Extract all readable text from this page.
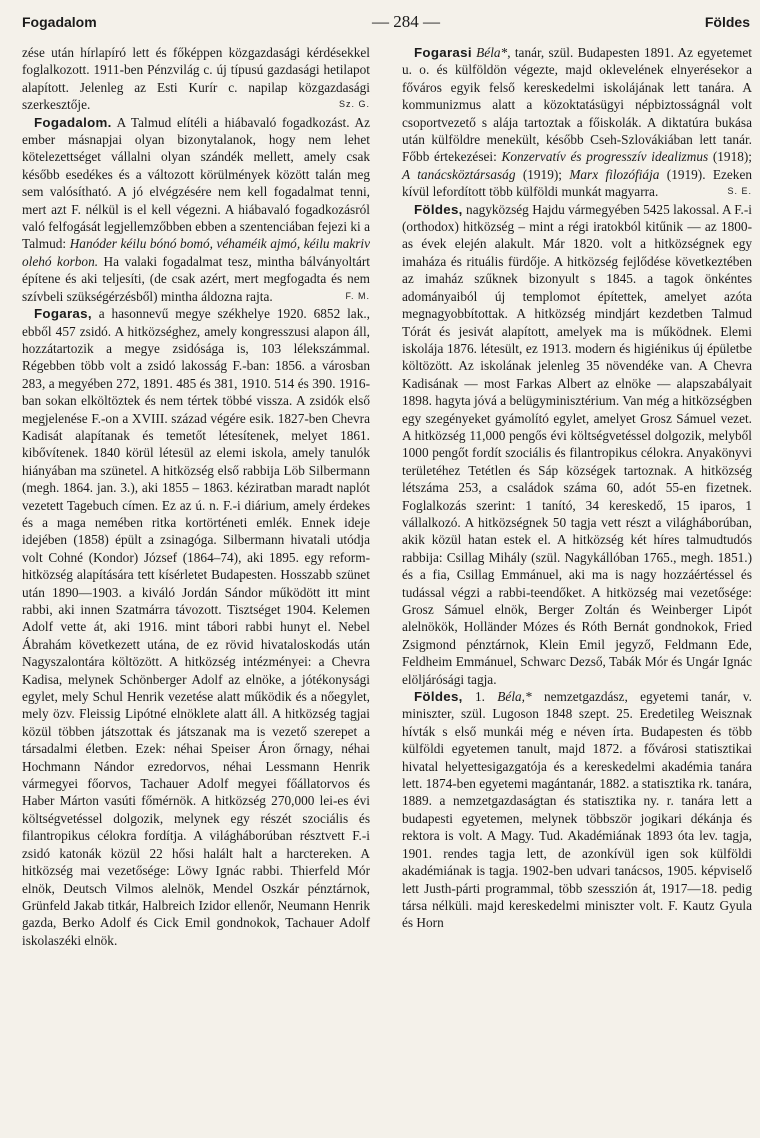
Fogadalom	— 284 —	Földes

zése után hírlapíró lett és főképpen közgazdasági kérdésekkel foglalkozott. 1911-ben Pénzvilág c. új típusú gazdasági hetilapot alapított. Jelenleg az Esti Kurír c. napilap közgazdasági szerkesztője.	Sz. G.

Fogadalom. A Talmud elítéli a hiábavaló fogadkozást. Az ember másnapjai olyan bizonytalanok, hogy nem lehet kötelezettséget vállalni olyan szándék mellett, amely csak később esedékes és a változott körülmények között talán meg sem valósítható. A jó elvégzésére nem kell fogadalmat tenni, mert azt F. nélkül is el kell végezni. A hiábavaló fogadkozásról való felfogását legjellemzőbben ebben a szentenciában fejezi ki a Talmud: Hanóder kéilu bónó bomó, véhaméik ajmó, kéilu makriv olehó korbon. Ha valaki fogadalmat tesz, mintha bálványoltárt építene és aki teljesíti, (de csak azért, mert megfogadta és nem szívbeli szükségérzésből) mintha áldozna rajta.	F. M.

Fogaras, a hasonnevű megye székhelye 1920. 6852 lak., ebből 457 zsidó. A hitközséghez, amely kongresszusi alapon áll, hozzátartozik a megye zsidósága is, 103 lélekszámmal. Régebben több volt a zsidó lakosság F.-ban: 1856. a városban 283, a megyében 272, 1891. 485 és 381, 1910. 514 és 390. 1916-ban sokan elköltöztek és nem tértek többé vissza. A zsidók első megjelenése F.-on a XVIII. század végére esik. 1827-ben Chevra Kadisát alapítanak és temetőt létesítenek, melyet 1861. kibővítenek. 1840 körül létesül az elemi iskola, amely tanulók hiányában ma szünetel. A hitközség első rabbija Löb Silbermann (megh. 1864. jan. 3.), aki 1855 – 1863. kéziratban maradt naplót vezetett Tagebuch címen. Ez az ú. n. F.-i diárium, amely érdekes és a maga nemében ritka kortörténeti emlék. Ennek ideje idejében (1858) épült a zsinagóga. Silbermann hivatali utódja volt Cohné (Kondor) József (1864–74), aki 1895. egy reform-hitközség alapítására tett kísérletet Budapesten. Hosszabb szünet után 1890—1903. a kiváló Jordán Sándor működött itt mint rabbi, aki innen Szatmárra távozott. Tisztséget 1904. Kelemen Adolf vette át, aki 1916. mint tábori rabbi hunyt el. Nebel Ábrahám következett utána, de ez rövid hivataloskodás után Nagyszalontára költözött. A hitközség intézményei: a Chevra Kadisa, melynek Schönberger Adolf az elnöke, a jótékonysági egylet, mely Schul Henrik vezetése alatt működik és a nőegylet, mely özv. Fleissig Lipótné elnöklete alatt áll. A hitközség tagjai közül többen játszottak és játszanak ma is vezető szerepet a társadalmi életben. Ezek: néhai Speiser Áron őrnagy, néhai Hochmann Nándor ezredorvos, néhai Lessmann Henrik vármegyei főorvos, Tachauer Adolf megyei főállatorvos és Haber Márton vasúti főmérnök. A hitközség 270,000 lei-es évi költségvetéssel dolgozik, melynek egy részét szociális és filantropikus célokra fordítja. A világháborúban résztvett F.-i zsidó katonák közül 22 hősi halált halt a harctereken. A hitközség mai vezetősége: Löwy Ignác rabbi. Thierfeld Mór elnök, Deutsch Vilmos alelnök, Mendel Oszkár pénztárnok, Grünfeld Jakab titkár, Halbreich Izidor ellenőr, Neumann Henrik gazda, Berko Adolf és Cick Emil gondnokok, Tachauer Adolf iskolaszéki elnök.

Fogarasi Béla*, tanár, szül. Budapesten 1891. Az egyetemet u. o. és külföldön végezte, majd oklevelének elnyerésekor a főváros egyik felső kereskedelmi iskolájának lett tanára. A kommunizmus alatt a közoktatásügyi népbiztosságnál volt csoportvezető s alája tartoztak a főiskolák. A diktatúra bukása után külföldre menekült, később Cseh-Szlovákiában lett tanár. Főbb értekezései: Konzervatív és progresszív idealizmus (1918); A tanácsköztársaság (1919); Marx filozófiája (1919). Ezeken kívül lefordított több külföldi munkát magyarra.	S. E.

Földes, nagyközség Hajdu vármegyében 5425 lakossal. A F.-i (orthodox) hitközség – mint a régi iratokból kitűnik — az 1800-as évek elején alakult. Már 1820. volt a hitközségnek egy imaháza és rituális fürdője. A hitközség fejlődése következtében az imaház szűknek bizonyult s 1845. a tagok önkéntes adományaiból új templomot építettek, amelyet azóta megnagyobbítottak. A hitközség mindjárt kezdetben Talmud Tórát és jesivát alapított, amelyek ma is működnek. Elemi iskolája 1876. létesült, ez 1913. modern és higiénikus új épületbe költözött. Az iskolának jelenleg 35 növendéke van. A Chevra Kadisának — most Farkas Albert az elnöke — alapszabályait 1898. hagyta jóvá a belügyminisztérium. Van még a hitközségben egy szegényeket gyámolító egylet, amelyet Grosz Sámuel vezet. A hitközség 11,000 pengős évi költségvetéssel dolgozik, melyből 1000 pengőt fordít szociális és filantropikus célokra. Anyakönyvi területéhez Tetétlen és Sáp községek tartoznak. A hitközség létszáma 253, a családok száma 60, adót 55-en fizetnek. Foglalkozás szerint: 1 tanító, 34 kereskedő, 15 iparos, 1 vállalkozó. A hitközségnek 50 tagja vett részt a világháborúban, akik közül hatan estek el. A hitközség két híres talmudtudós rabbija: Csillag Mihály (szül. Nagykállóban 1765., megh. 1851.) és a fia, Csillag Emmánuel, aki ma is nagy hozzáértéssel és tudással végzi a rabbi-teendőket. A hitközség mai vezetősége: Grosz Sámuel elnök, Berger Zoltán és Weinberger Lipót alelnökök, Holländer Mózes és Róth Bernát gondnokok, Fried Zsigmond pénztárnok, Klein Emil jegyző, Feldmann Ede, Feldheim Emmánuel, Schwarc Dezső, Tabák Mór és Ungár Ignác elöljárósági tagja.

Földes, 1. Béla,* nemzetgazdász, egyetemi tanár, v. miniszter, szül. Lugoson 1848 szept. 25. Eredetileg Weisznak hívták s első munkái még e néven írta. Budapesten és több külföldi egyetemen tanult, majd 1872. a fővárosi statisztikai hivatal helyettesigazgatója és a kereskedelmi akadémia tanára lett. 1874-ben egyetemi magántanár, 1882. a statisztika rk. tanára, 1889. a nemzetgazdaságtan és statisztika ny. r. tanára lett a budapesti egyetemen, melynek többször jogikari dékánja és rektora is volt. A Magy. Tud. Akadémiának 1893 óta lev. tagja, 1901. rendes tagja lett, de azonkívül igen sok külföldi akadémiának is tagja. 1902-ben udvari tanácsos, 1905. képviselő lett Justh-párti programmal, több szesszión át, 1917—18. pedig társa nélküli. majd kereskedelmi miniszter volt. F. Kautz Gyula és Horn
